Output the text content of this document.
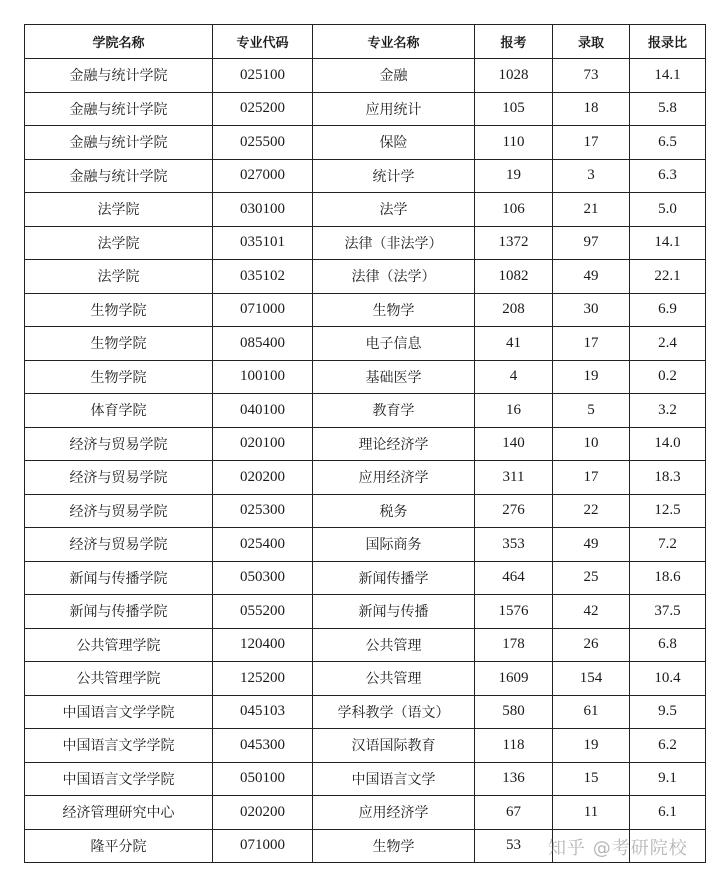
学院名称	专业代码	专业名称	报考	录取	报录比
金融与统计学院	025100	金融	1028	73	14.1
金融与统计学院	025200	应用统计	105	18	5.8
金融与统计学院	025500	保险	110	17	6.5
金融与统计学院	027000	统计学	19	3	6.3
法学院	030100	法学	106	21	5.0
法学院	035101	法律（非法学）	1372	97	14.1
法学院	035102	法律（法学）	1082	49	22.1
生物学院	071000	生物学	208	30	6.9
生物学院	085400	电子信息	41	17	2.4
生物学院	100100	基础医学	4	19	0.2
体育学院	040100	教育学	16	5	3.2
经济与贸易学院	020100	理论经济学	140	10	14.0
经济与贸易学院	020200	应用经济学	311	17	18.3
经济与贸易学院	025300	税务	276	22	12.5
经济与贸易学院	025400	国际商务	353	49	7.2
新闻与传播学院	050300	新闻传播学	464	25	18.6
新闻与传播学院	055200	新闻与传播	1576	42	37.5
公共管理学院	120400	公共管理	178	26	6.8
公共管理学院	125200	公共管理	1609	154	10.4
中国语言文学学院	045103	学科教学（语文）	580	61	9.5
中国语言文学学院	045300	汉语国际教育	118	19	6.2
中国语言文学学院	050100	中国语言文学	136	15	9.1
经济管理研究中心	020200	应用经济学	67	11	6.1
隆平分院	071000	生物学	53		知乎 @考研院校
